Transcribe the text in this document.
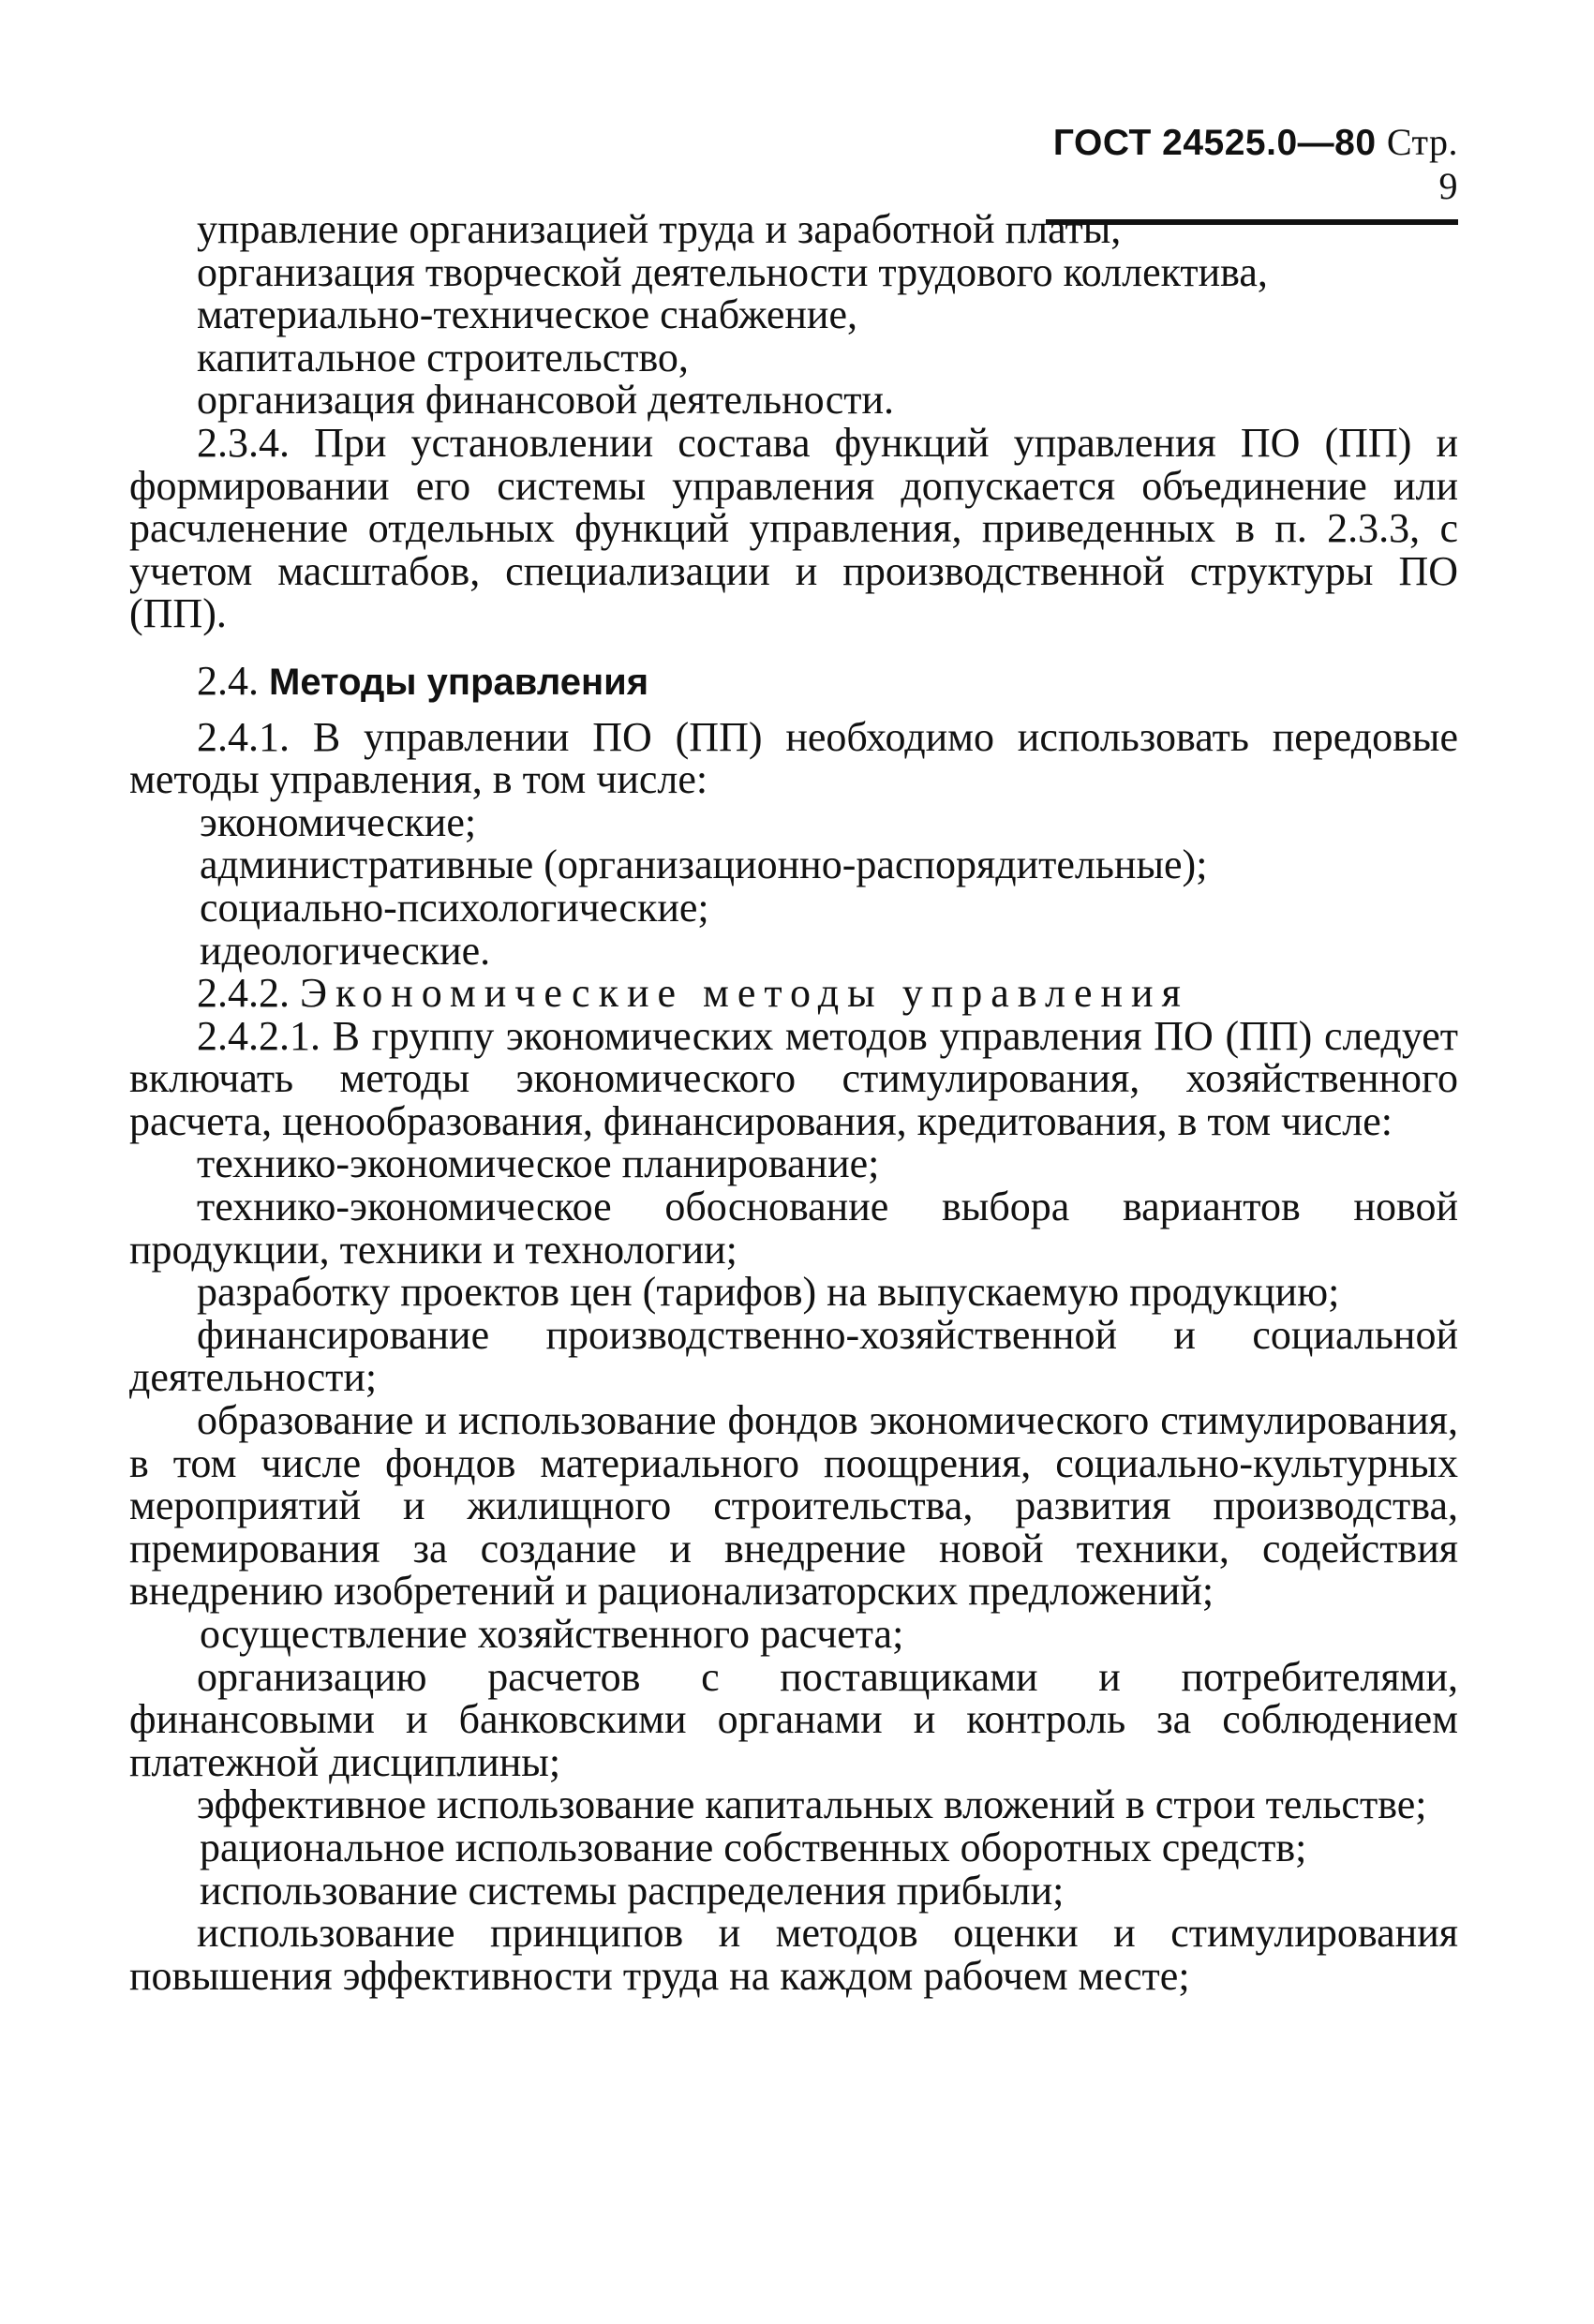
ГОСТ 24525.0—80 Стр. 9

управление организацией труда и заработной платы,

организация творческой деятельности трудового коллектива,

материально-техническое снабжение,

капитальное строительство,

организация финансовой деятельности.

2.3.4. При установлении состава функций управления ПО (ПП) и формировании его системы управления допускается объединение или расчленение отдельных функций управления, приведенных в п. 2.3.3, с учетом масштабов, специализации и производственной структуры ПО (ПП).

2.4. Методы управления

2.4.1. В управлении ПО (ПП) необходимо использовать передовые методы управления, в том числе:

экономические;

административные (организационно-распорядительные);

социально-психологические;

идеологические.

2.4.2. Экономические методы управления

2.4.2.1. В группу экономических методов управления ПО (ПП) следует включать методы экономического стимулирования, хозяйственного расчета, ценообразования, финансирования, кредитования, в том числе:

технико-экономическое планирование;

технико-экономическое обоснование выбора вариантов новой продукции, техники и технологии;

разработку проектов цен (тарифов) на выпускаемую продукцию;

финансирование производственно-хозяйственной и социальной деятельности;

образование и использование фондов экономического стимулирования, в том числе фондов материального поощрения, социально-культурных мероприятий и жилищного строительства, развития производства, премирования за создание и внедрение новой техники, содействия внедрению изобретений и рационализаторских предложений;

осуществление хозяйственного расчета;

организацию расчетов с поставщиками и потребителями, финансовыми и банковскими органами и контроль за соблюдением платежной дисциплины;

эффективное использование капитальных вложений в строи тельстве;

рациональное использование собственных оборотных средств;

использование системы распределения прибыли;

использование принципов и методов оценки и стимулирования повышения эффективности труда на каждом рабочем месте;
